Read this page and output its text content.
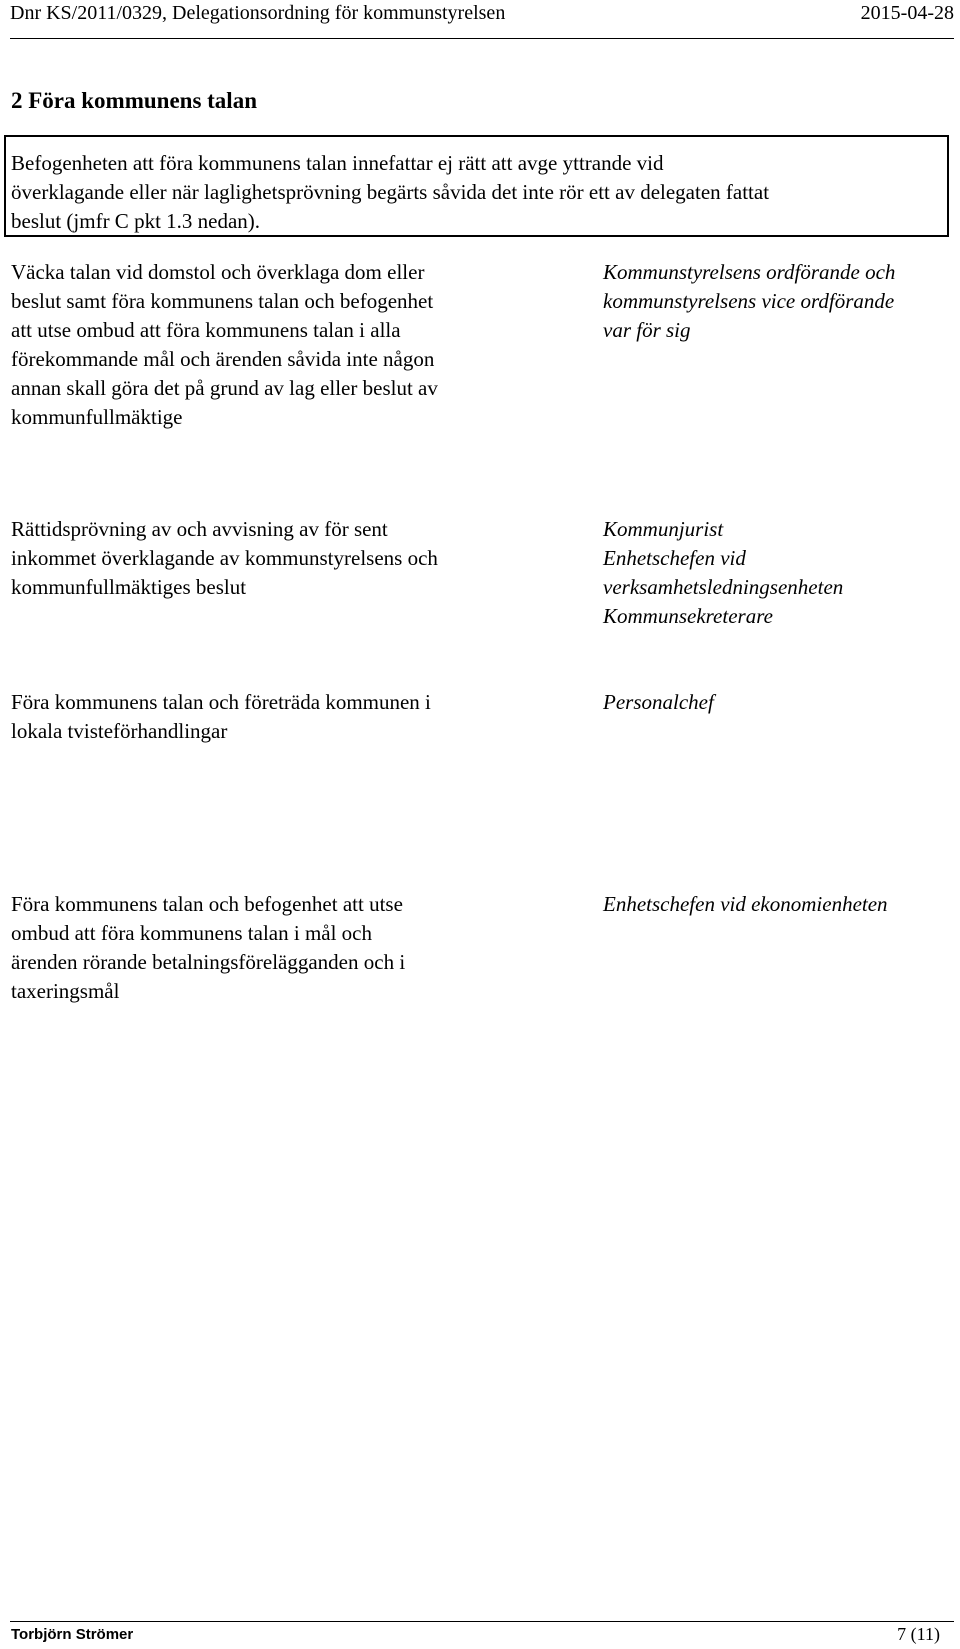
Dnr KS/2011/0329, Delegationsordning för kommunstyrelsen	2015-04-28
2 Föra kommunens talan
Befogenheten att föra kommunens talan innefattar ej rätt att avge yttrande vid
överklagande eller när laglighetsprövning begärts såvida det inte rör ett av delegaten fattat
beslut (jmfr C pkt 1.3 nedan).
Väcka talan vid domstol och överklaga dom eller
beslut samt föra kommunens talan och befogenhet
att utse ombud att föra kommunens talan i alla
förekommande mål och ärenden såvida inte någon
annan skall göra det på grund av lag eller beslut av
kommunfullmäktige
Kommunstyrelsens ordförande och
kommunstyrelsens vice ordförande
var för sig
Rättidsprövning av och avvisning av för sent
inkommet överklagande av kommunstyrelsens och
kommunfullmäktiges beslut
Kommunjurist
Enhetschefen vid
verksamhetsledningsenheten
Kommunsekreterare
Föra kommunens talan och företräda kommunen i
lokala tvisteförhandlingar
Personalchef
Föra kommunens talan och befogenhet att utse
ombud att föra kommunens talan i mål och
ärenden rörande betalningsförelägganden och i
taxeringsmål
Enhetschefen vid ekonomienheten
Torbjörn Strömer	7 (11)
